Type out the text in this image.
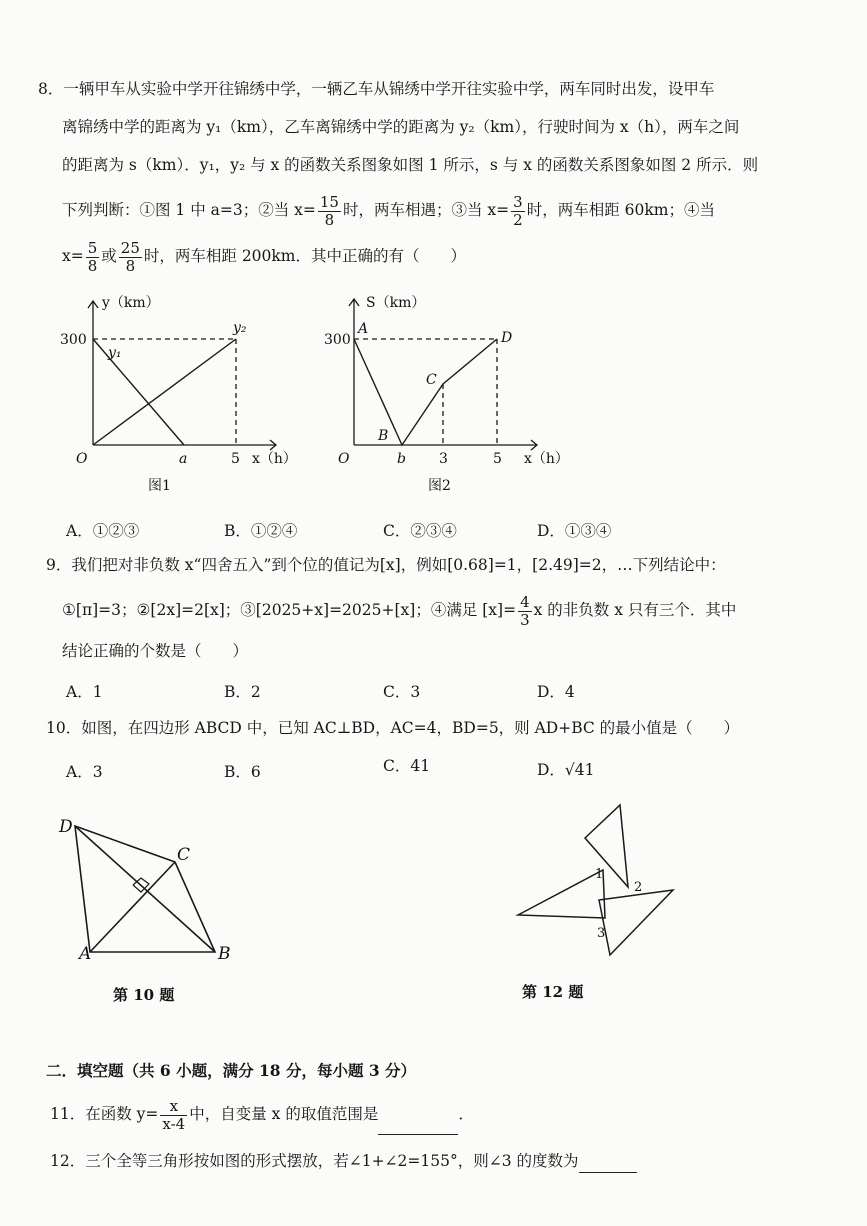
8．一辆甲车从实验中学开往锦绣中学，一辆乙车从锦绣中学开往实验中学，两车同时出发，设甲车
离锦绣中学的距离为 y₁（km），乙车离锦绣中学的距离为 y₂（km），行驶时间为 x（h），两车之间
的距离为 s（km）．y₁，y₂ 与 x 的函数关系图象如图 1 所示，s 与 x 的函数关系图象如图 2 所示．则
下列判断：①图 1 中 a=3；②当 $x= \frac{15}{8}$ 时，两车相遇；③当 $x= \frac{3}{2}$ 时，两车相距 60km；④当
$x= \frac{5}{8}$ 或 $\frac{25}{8}$ 时，两车相距 200km．其中正确的有（　　）
y（km）
300
y₁
y₂
O	a	5 x（h）
图1
S（km）
300
A
B
C
D
O	b 3	5 x（h）
图2
A．①②③	B．①②④	C．②③④	D．①③④
9．我们把对非负数 x“四舍五入”到个位的值记为[x]，例如[0.68]=1，[2.49]=2，…下列结论中：
①[π]=3；②[2x]=2[x]；③[2025+x]=2025+[x]；④满足 $[x]= \frac{4}{3}$ x 的非负数 x 只有三个．其中
结论正确的个数是（　　）
A．1	B．2	C．3	D．4
10．如图，在四边形 ABCD 中，已知 AC⊥BD，AC=4，BD=5，则 AD+BC 的最小值是（　　）
A．3	B．6	C．41	D．√41
D
C
A	B
第 10 题
1
2
3
第 12 题
二．填空题（共 6 小题，满分 18 分，每小题 3 分）
11．在函数 $y= \frac{x}{x-4}$ 中，自变量 x 的取值范围是	．
12．三个全等三角形按如图的形式摆放，若∠1+∠2=155°，则∠3 的度数为
